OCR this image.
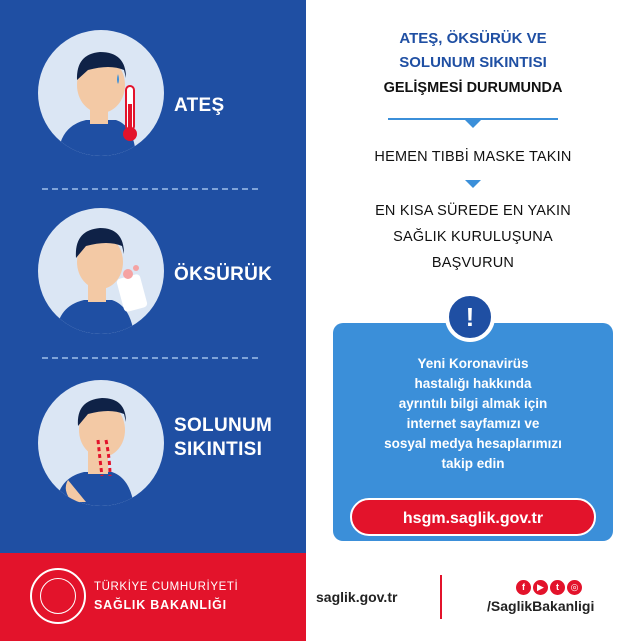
ATEŞ
ÖKSÜRÜK
SOLUNUM
SIKINTISI
ATEŞ, ÖKSÜRÜK VE
SOLUNUM SIKINTISI
GELİŞMESİ DURUMUNDA
HEMEN TIBBİ MASKE TAKIN
EN KISA SÜREDE EN YAKIN
SAĞLIK KURULUŞUNA
BAŞVURUN
!
Yeni Koronavirüs
hastalığı hakkında
ayrıntılı bilgi almak için
internet sayfamızı ve
sosyal medya hesaplarımızı
takip edin
hsgm.saglik.gov.tr
TÜRKİYE CUMHURİYETİ
SAĞLIK BAKANLIĞI	saglik.gov.tr
f ▶ t ◎
/SaglikBakanligi
